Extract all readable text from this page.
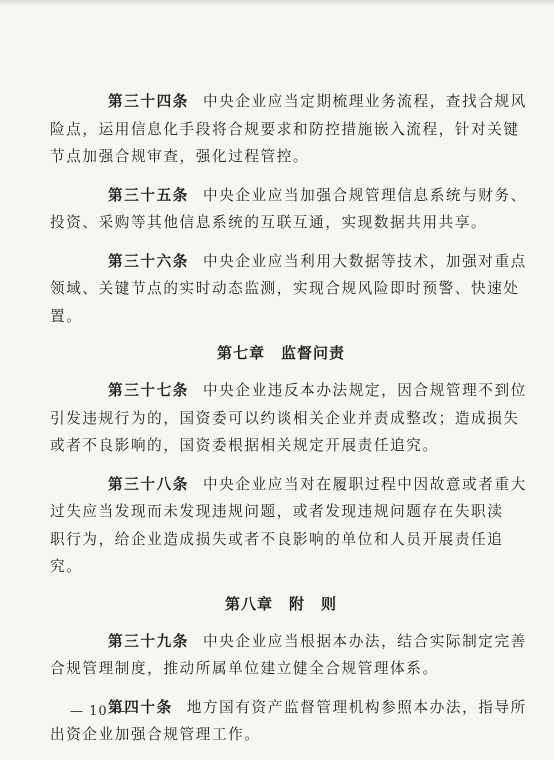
第三十四条 中央企业应当定期梳理业务流程，查找合规风
险点，运用信息化手段将合规要求和防控措施嵌入流程，针对关键
节点加强合规审查，强化过程管控。

第三十五条 中央企业应当加强合规管理信息系统与财务、
投资、采购等其他信息系统的互联互通，实现数据共用共享。

第三十六条 中央企业应当利用大数据等技术，加强对重点
领域、关键节点的实时动态监测，实现合规风险即时预警、快速处
置。

第七章 监督问责

第三十七条 中央企业违反本办法规定，因合规管理不到位
引发违规行为的，国资委可以约谈相关企业并责成整改；造成损失
或者不良影响的，国资委根据相关规定开展责任追究。

第三十八条 中央企业应当对在履职过程中因故意或者重大
过失应当发现而未发现违规问题，或者发现违规问题存在失职渎
职行为，给企业造成损失或者不良影响的单位和人员开展责任追
究。

第八章 附　则

第三十九条 中央企业应当根据本办法，结合实际制定完善
合规管理制度，推动所属单位建立健全合规管理体系。

第四十条 地方国有资产监督管理机构参照本办法，指导所
出资企业加强合规管理工作。

— 10 —
